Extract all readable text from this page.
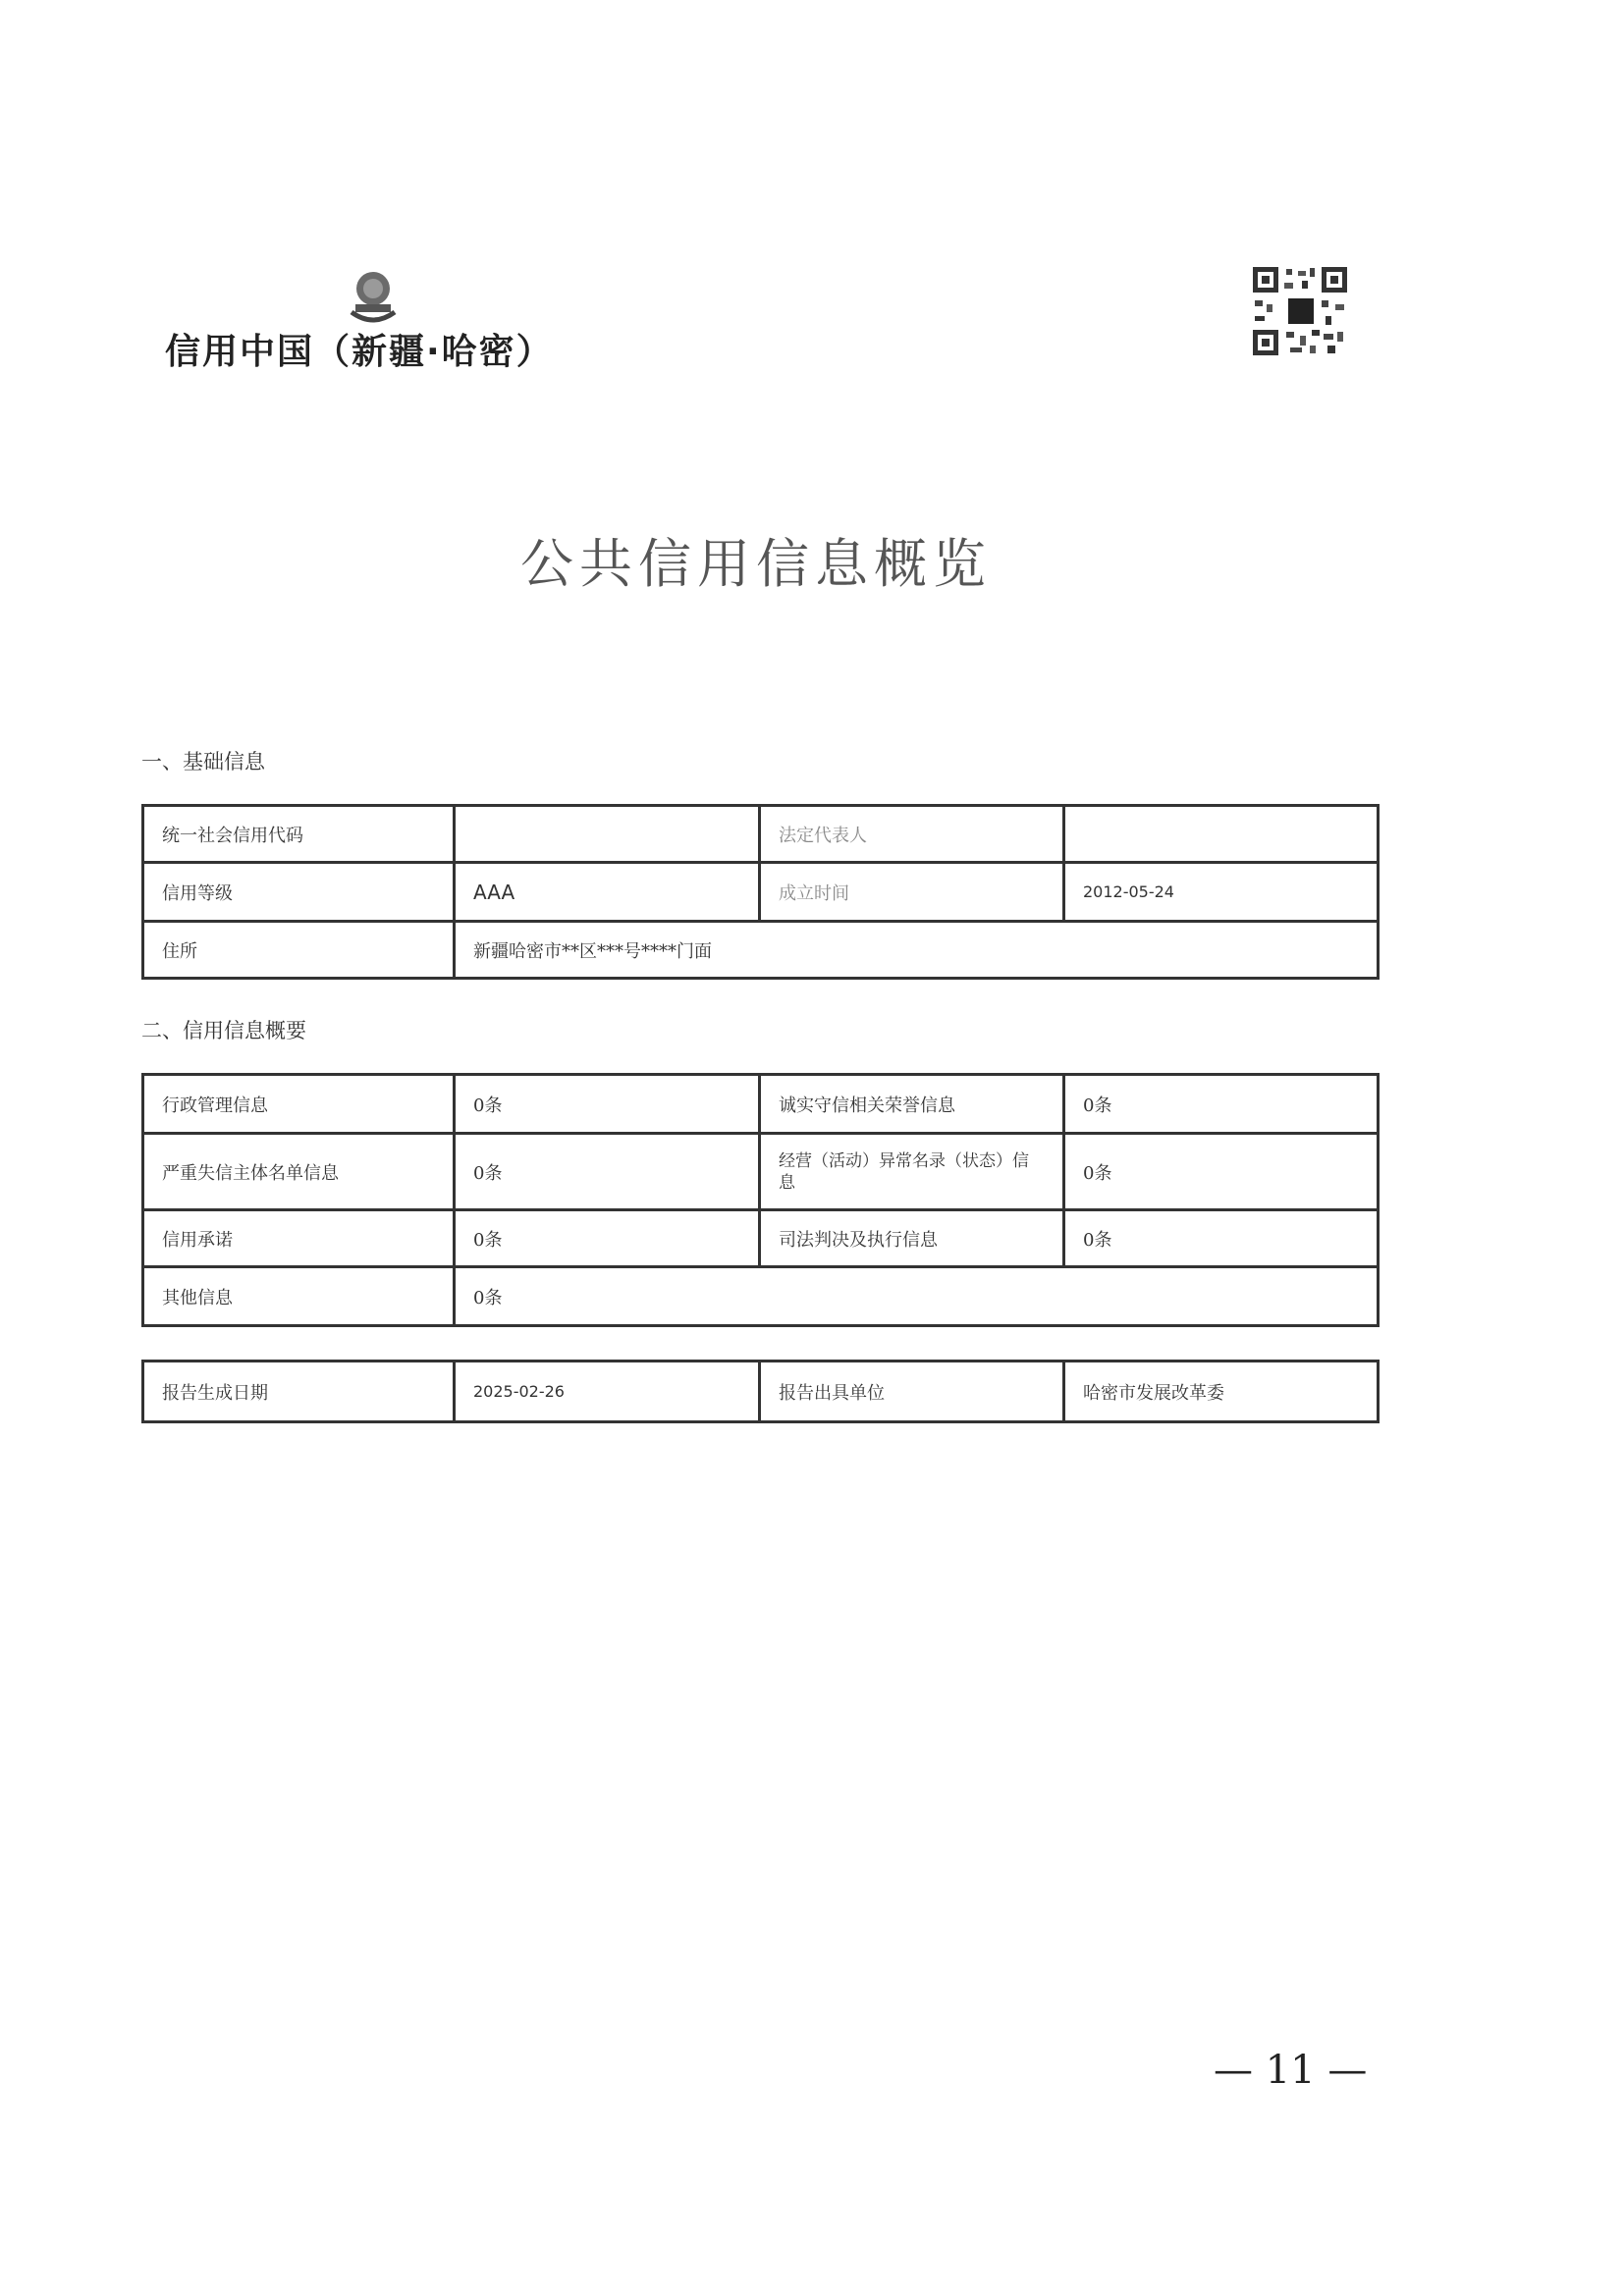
信用中国（新疆·哈密）
公共信用信息概览
一、基础信息
统一社会信用代码		法定代表人	
信用等级	AAA	成立时间	2012-05-24
住所	新疆哈密市**区***号****门面		
二、信用信息概要
行政管理信息	0条	诚实守信相关荣誉信息	0条
严重失信主体名单信息	0条	经营（活动）异常名录（状态）信息	0条
信用承诺	0条	司法判决及执行信息	0条
其他信息	0条		
报告生成日期	2025-02-26	报告出具单位	哈密市发展改革委
— 11 —
